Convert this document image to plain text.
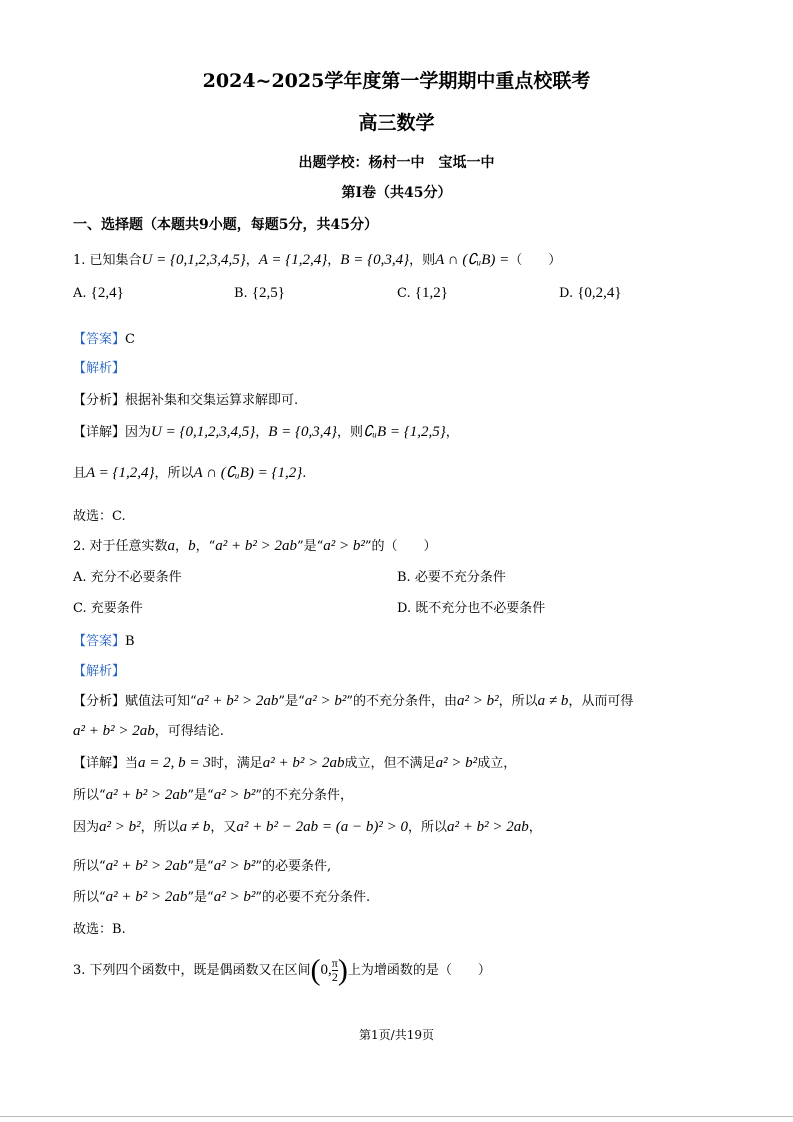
2024~2025学年度第一学期期中重点校联考
高三数学
出题学校：杨村一中　宝坻一中
第Ⅰ卷（共45分）
一、选择题（本题共9小题，每题5分，共45分）
1. 已知集合U = {0,1,2,3,4,5}，A = {1,2,4}，B = {0,3,4}，则A ∩ (∁ᵤB) =（　　）
A. {2,4}	B. {2,5}	C. {1,2}	D. {0,2,4}
【答案】C
【解析】
【分析】根据补集和交集运算求解即可.
【详解】因为U = {0,1,2,3,4,5}，B = {0,3,4}，则∁ᵤB = {1,2,5}，
且A = {1,2,4}，所以A ∩ (∁ᵤB) = {1,2}.
故选：C.
2. 对于任意实数a，b，“a² + b² > 2ab”是“a² > b²”的（　　）
A. 充分不必要条件	B. 必要不充分条件
C. 充要条件	D. 既不充分也不必要条件
【答案】B
【解析】
【分析】赋值法可知“a² + b² > 2ab”是“a² > b²”的不充分条件，由a² > b²，所以a ≠ b，从而可得
a² + b² > 2ab，可得结论.
【详解】当a = 2, b = 3时，满足a² + b² > 2ab成立，但不满足a² > b²成立，
所以“a² + b² > 2ab”是“a² > b²”的不充分条件，
因为a² > b²，所以a ≠ b，又a² + b² − 2ab = (a − b)² > 0，所以a² + b² > 2ab，
所以“a² + b² > 2ab”是“a² > b²”的必要条件,
所以“a² + b² > 2ab”是“a² > b²”的必要不充分条件.
故选：B.
3. 下列四个函数中，既是偶函数又在区间(0, $\frac{\pi}{2}$ )上为增函数的是（　　）
第1页/共19页
